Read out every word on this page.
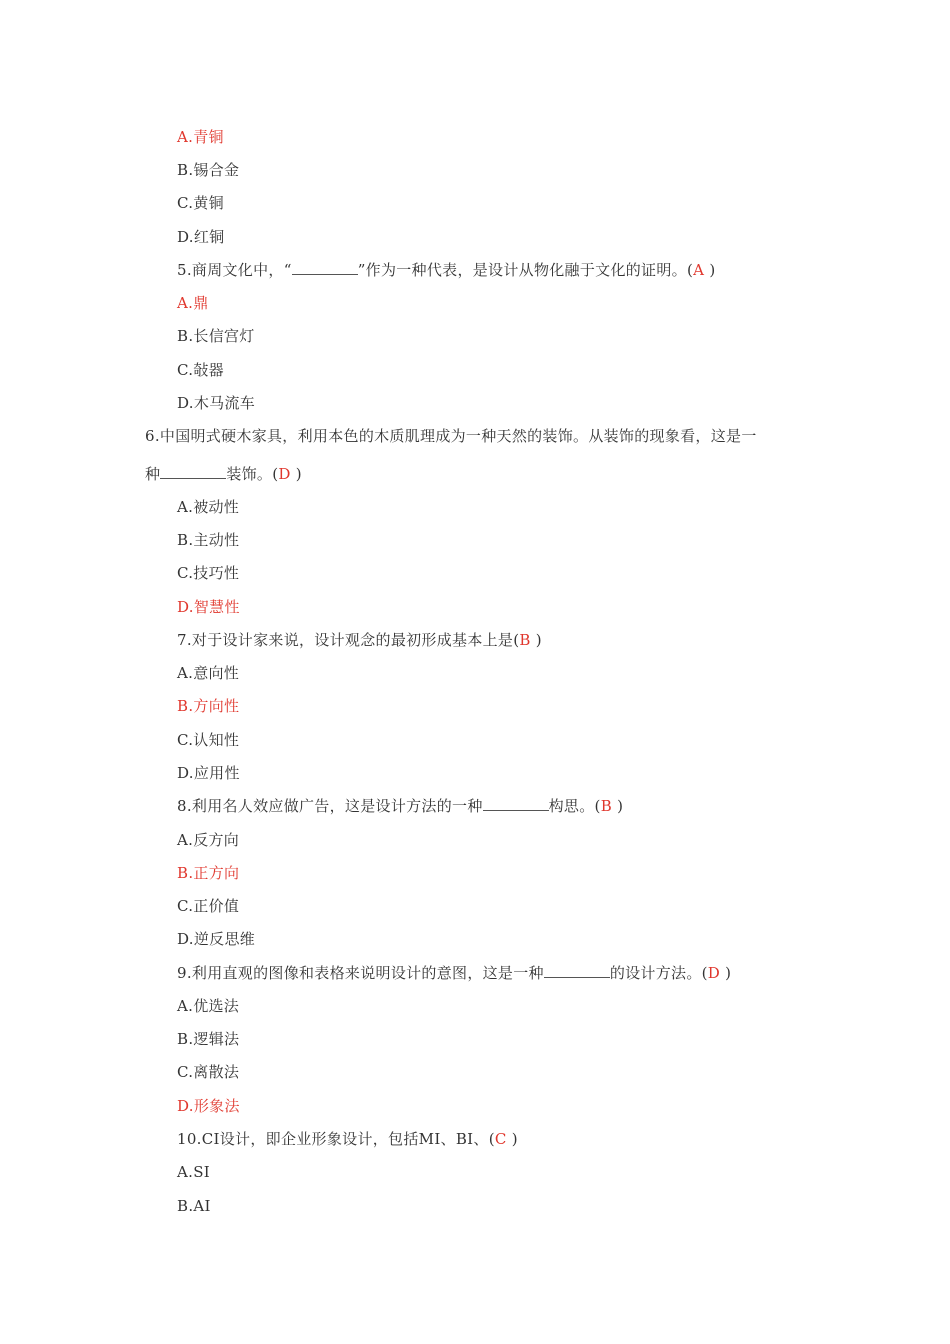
A.青铜
B.锡合金
C.黄铜
D.红铜
5.商周文化中，“	”作为一种代表，是设计从物化融于文化的证明。(A )
A.鼎
B.长信宫灯
C.敧器
D.木马流车
6.中国明式硬木家具，利用本色的木质肌理成为一种天然的装饰。从装饰的现象看，这是一
种	装饰。(D )
A.被动性
B.主动性
C.技巧性
D.智慧性
7.对于设计家来说，设计观念的最初形成基本上是(B )
A.意向性
B.方向性
C.认知性
D.应用性
8.利用名人效应做广告，这是设计方法的一种	构思。(B )
A.反方向
B.正方向
C.正价值
D.逆反思维
9.利用直观的图像和表格来说明设计的意图，这是一种	的设计方法。(D )
A.优选法
B.逻辑法
C.离散法
D.形象法
10.CI设计，即企业形象设计，包括MI、BI、(C )
A.SI
B.AI
